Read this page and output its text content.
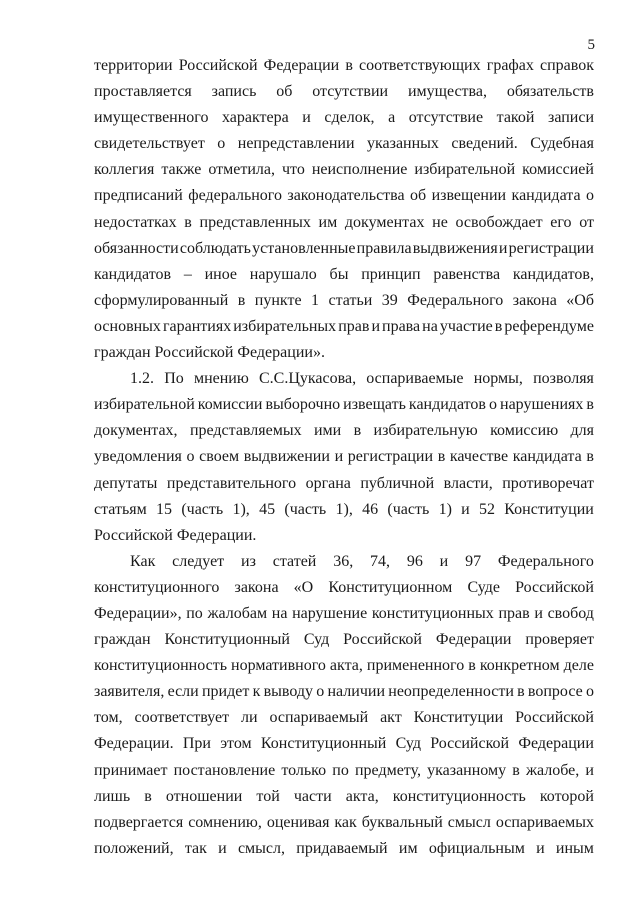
5
территории Российской Федерации в соответствующих графах справок
проставляется запись об отсутствии имущества, обязательств
имущественного характера и сделок, а отсутствие такой записи
свидетельствует о непредставлении указанных сведений. Судебная
коллегия также отметила, что неисполнение избирательной комиссией
предписаний федерального законодательства об извещении кандидата о
недостатках в представленных им документах не освобождает его от
обязанности соблюдать установленные правила выдвижения и регистрации
кандидатов – иное нарушало бы принцип равенства кандидатов,
сформулированный в пункте 1 статьи 39 Федерального закона «Об
основных гарантиях избирательных прав и права на участие в референдуме
граждан Российской Федерации».
1.2. По мнению С.С.Цукасова, оспариваемые нормы, позволяя
избирательной комиссии выборочно извещать кандидатов о нарушениях в
документах, представляемых ими в избирательную комиссию для
уведомления о своем выдвижении и регистрации в качестве кандидата в
депутаты представительного органа публичной власти, противоречат
статьям 15 (часть 1), 45 (часть 1), 46 (часть 1) и 52 Конституции
Российской Федерации.
Как следует из статей 36, 74, 96 и 97 Федерального
конституционного закона «О Конституционном Суде Российской
Федерации», по жалобам на нарушение конституционных прав и свобод
граждан Конституционный Суд Российской Федерации проверяет
конституционность нормативного акта, примененного в конкретном деле
заявителя, если придет к выводу о наличии неопределенности в вопросе о
том, соответствует ли оспариваемый акт Конституции Российской
Федерации. При этом Конституционный Суд Российской Федерации
принимает постановление только по предмету, указанному в жалобе, и
лишь в отношении той части акта, конституционность которой
подвергается сомнению, оценивая как буквальный смысл оспариваемых
положений, так и смысл, придаваемый им официальным и иным
